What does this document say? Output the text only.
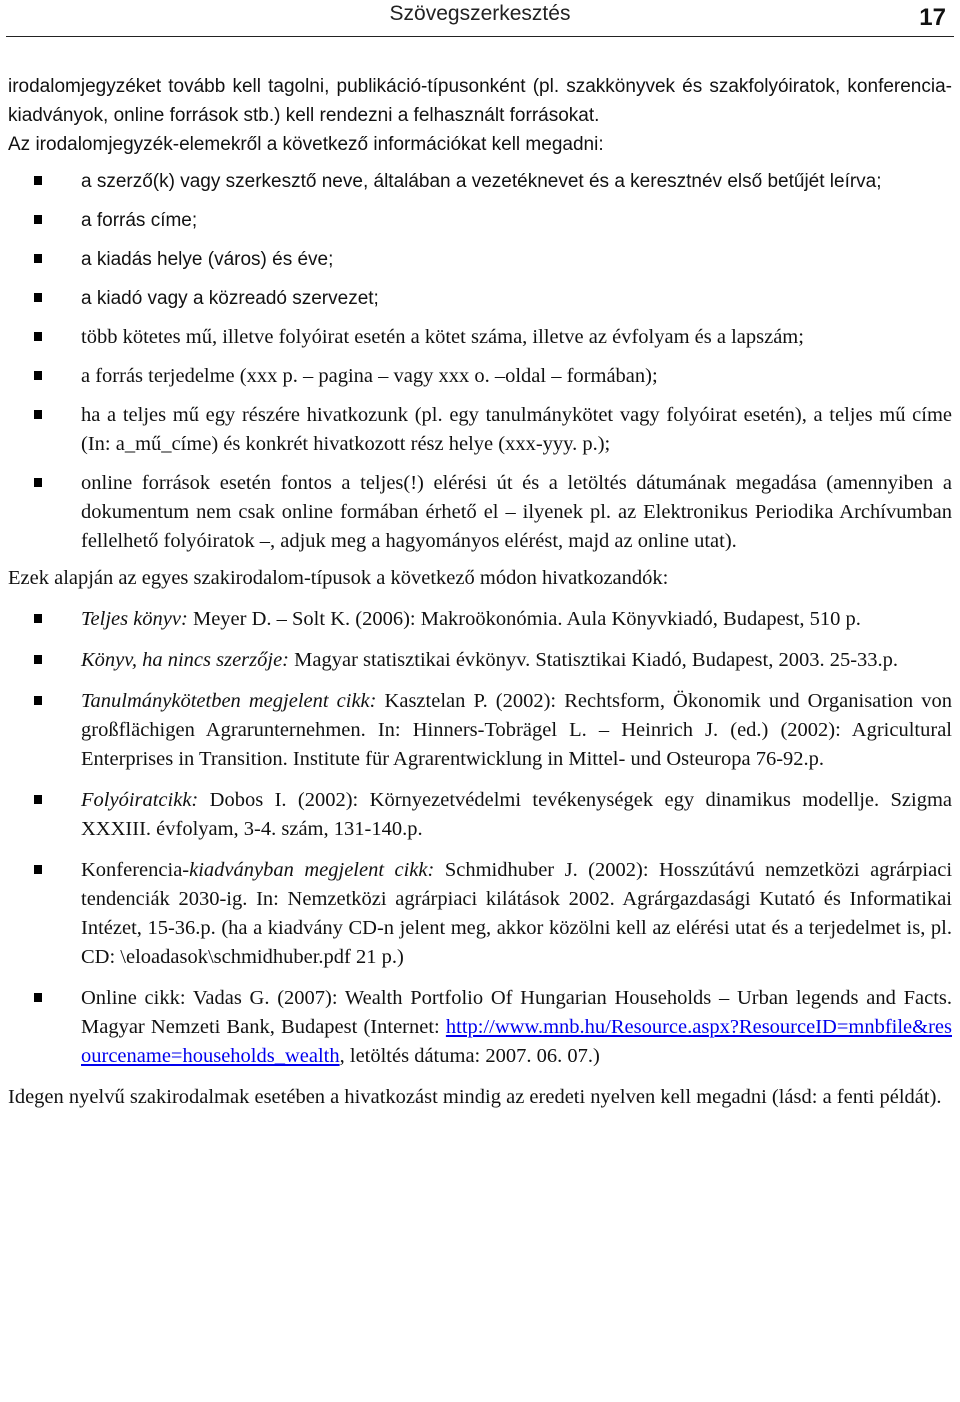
Szövegszerkesztés	17

irodalomjegyzéket tovább kell tagolni, publikáció-típusonként (pl. szakkönyvek és szakfolyóiratok, konferencia-kiadványok, online források stb.) kell rendezni a felhasznált forrásokat.

Az irodalomjegyzék-elemekről a következő információkat kell megadni:

a szerző(k) vagy szerkesztő neve, általában a vezetéknevet és a keresztnév első betűjét leírva;
a forrás címe;
a kiadás helye (város) és éve;
a kiadó vagy a közreadó szervezet;
több kötetes mű, illetve folyóirat esetén a kötet száma, illetve az évfolyam és a lapszám;
a forrás terjedelme (xxx p. – pagina – vagy xxx o. –oldal – formában);
ha a teljes mű egy részére hivatkozunk (pl. egy tanulmánykötet vagy folyóirat esetén), a teljes mű címe (In: a_mű_címe) és konkrét hivatkozott rész helye (xxx-yyy. p.);
online források esetén fontos a teljes(!) elérési út és a letöltés dátumának megadása (amennyiben a dokumentum nem csak online formában érhető el – ilyenek pl. az Elektronikus Periodika Archívumban fellelhető folyóiratok –, adjuk meg a hagyományos elérést, majd az online utat).

Ezek alapján az egyes szakirodalom-típusok a következő módon hivatkozandók:

Teljes könyv: Meyer D. – Solt K. (2006): Makroökonómia. Aula Könyvkiadó, Budapest, 510 p.
Könyv, ha nincs szerzője: Magyar statisztikai évkönyv. Statisztikai Kiadó, Budapest, 2003. 25-33.p.
Tanulmánykötetben megjelent cikk: Kasztelan P. (2002): Rechtsform, Ökonomik und Organisation von großflächigen Agrarunternehmen. In: Hinners-Tobrägel L. – Heinrich J. (ed.) (2002): Agricultural Enterprises in Transition. Institute für Agrarentwicklung in Mittel- und Osteuropa 76-92.p.
Folyóiratcikk: Dobos I. (2002): Környezetvédelmi tevékenységek egy dinamikus modellje. Szigma XXXIII. évfolyam, 3-4. szám, 131-140.p.
Konferencia-kiadványban megjelent cikk: Schmidhuber J. (2002): Hosszútávú nemzetközi agrárpiaci tendenciák 2030-ig. In: Nemzetközi agrárpiaci kilátások 2002. Agrárgazdasági Kutató és Informatikai Intézet, 15-36.p. (ha a kiadvány CD-n jelent meg, akkor közölni kell az elérési utat és a terjedelmet is, pl. CD: \eloadasok\schmidhuber.pdf 21 p.)
Online cikk: Vadas G. (2007): Wealth Portfolio Of Hungarian Households – Urban legends and Facts. Magyar Nemzeti Bank, Budapest (Internet: http://www.mnb.hu/Resource.aspx?ResourceID=mnbfile&resourcename=households_wealth, letöltés dátuma: 2007. 06. 07.)

Idegen nyelvű szakirodalmak esetében a hivatkozást mindig az eredeti nyelven kell megadni (lásd: a fenti példát).
